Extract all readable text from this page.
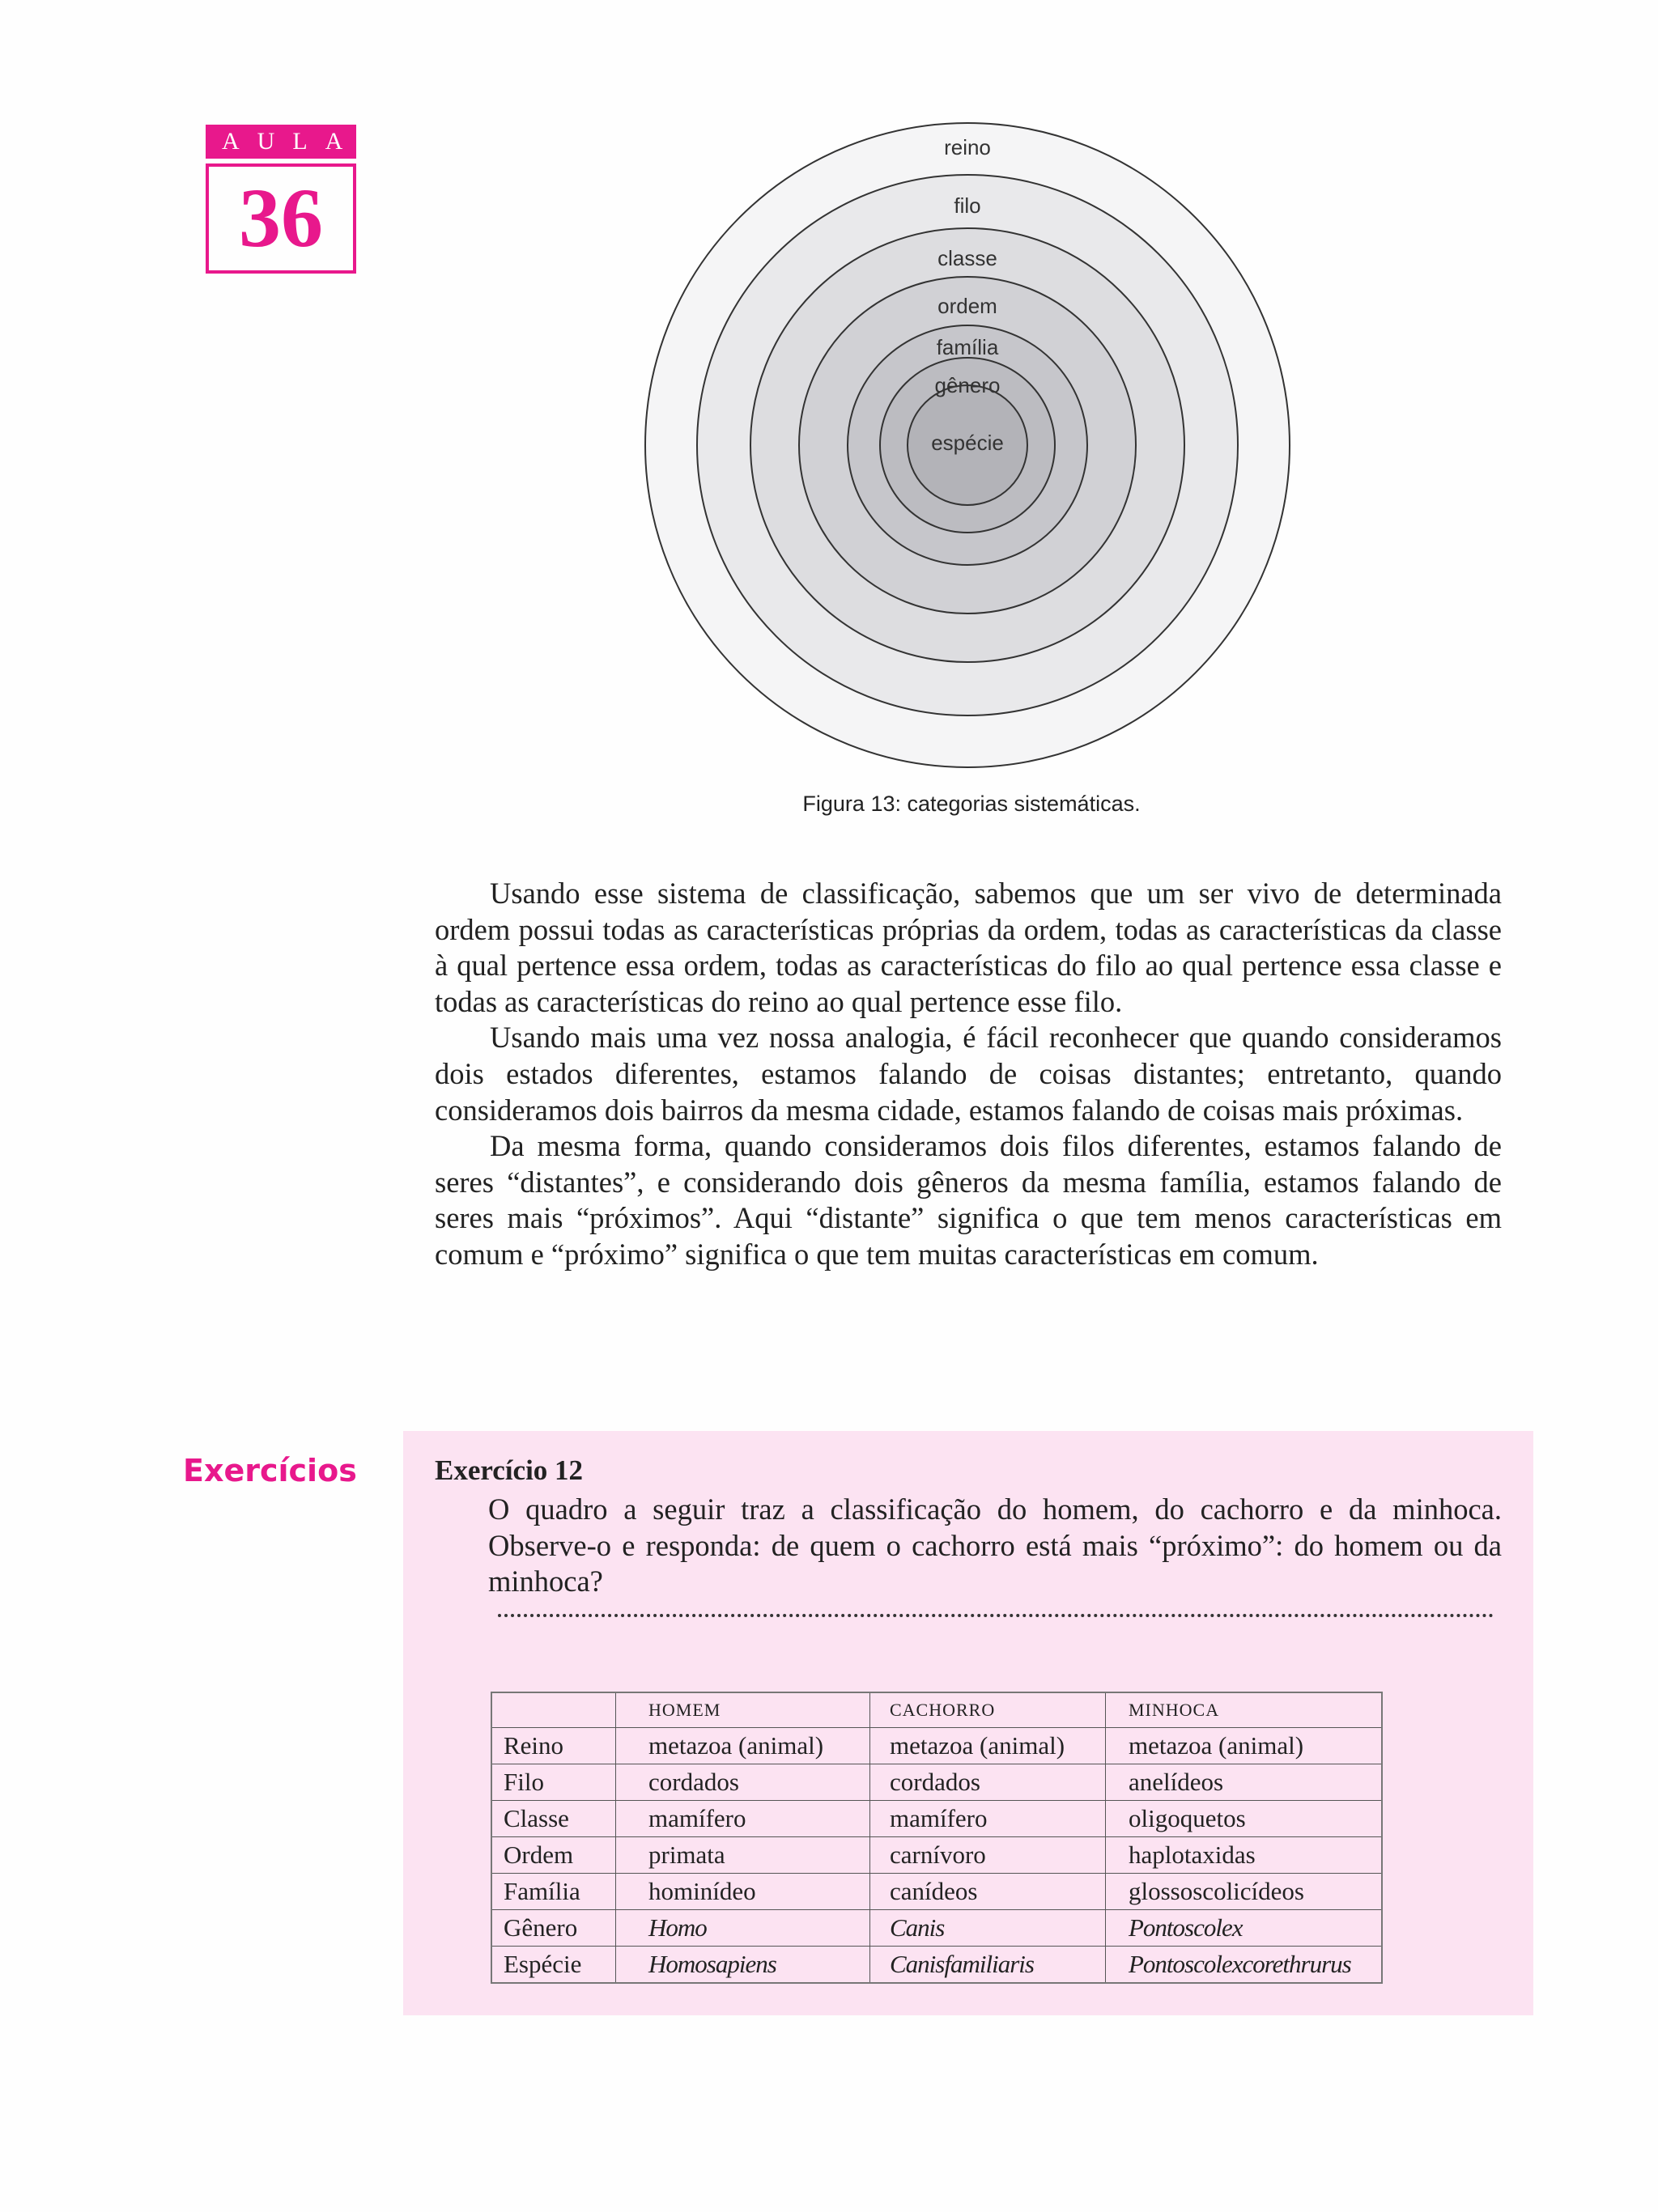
AULA
36
reino
filo
classe
ordem
família
gênero
espécie
Figura 13: categorias sistemáticas.

Usando esse sistema de classificação, sabemos que um ser vivo de determinada ordem possui todas as características próprias da ordem, todas as características da classe à qual pertence essa ordem, todas as características do filo ao qual pertence essa classe e todas as características do reino ao qual pertence esse filo.

Usando mais uma vez nossa analogia, é fácil reconhecer que quando consideramos dois estados diferentes, estamos falando de coisas distantes; entretanto, quando consideramos dois bairros da mesma cidade, estamos falando de coisas mais próximas.

Da mesma forma, quando consideramos dois filos diferentes, estamos falando de seres “distantes”, e considerando dois gêneros da mesma família, estamos falando de seres mais “próximos”. Aqui “distante” significa o que tem menos características em comum e “próximo” significa o que tem muitas características em comum.

Exercícios	Exercício 12
O quadro a seguir traz a classificação do homem, do cachorro e da minhoca. Observe-o e responda: de quem o cachorro está mais “próximo”: do homem ou da minhoca?
	HOMEM	CACHORRO	MINHOCA
Reino	metazoa (animal)	metazoa (animal)	metazoa (animal)
Filo	cordados	cordados	anelídeos
Classe	mamífero	mamífero	oligoquetos
Ordem	primata	carnívoro	haplotaxidas
Família	hominídeo	canídeos	glossoscolicídeos
Gênero	Homo	Canis	Pontoscolex
Espécie	Homosapiens	Canisfamiliaris	Pontoscolexcorethrurus
